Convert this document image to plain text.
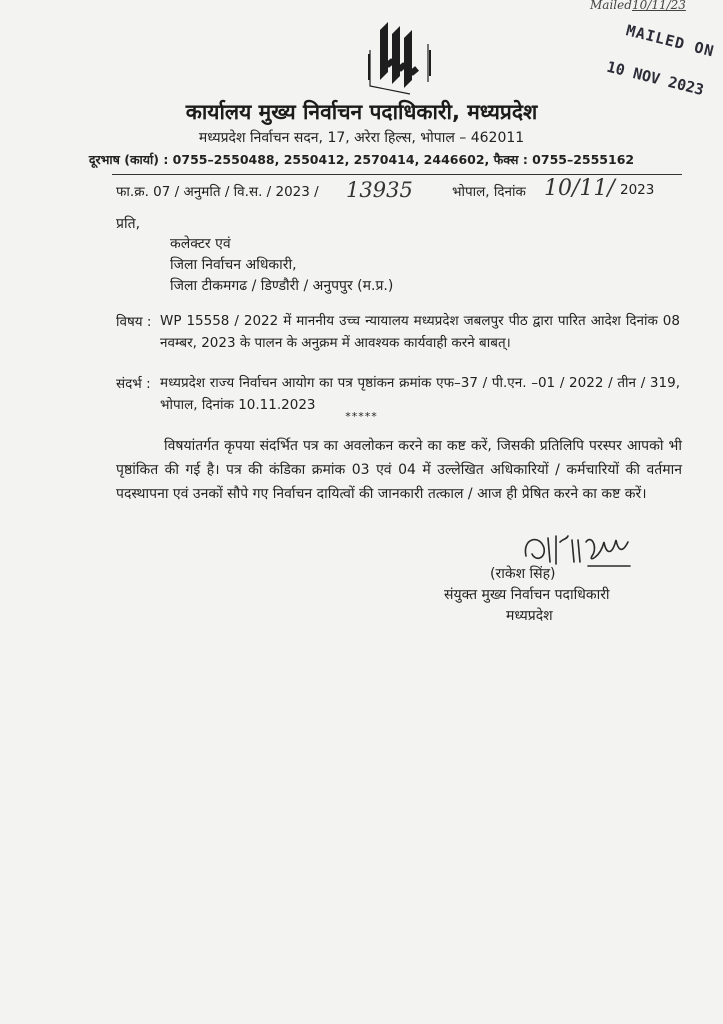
Mailed 10/11/23
MAILED ON
10 NOV 2023
कार्यालय मुख्य निर्वाचन पदाधिकारी, मध्यप्रदेश
मध्यप्रदेश निर्वाचन सदन, 17, अरेरा हिल्स, भोपाल – 462011
दूरभाष (कार्या) : 0755–2550488, 2550412, 2570414, 2446602, फैक्स : 0755–2555162
फा.क्र. 07 / अनुमति / वि.स. / 2023 / 13935	भोपाल, दिनांक 10/11/ 2023
प्रति,
कलेक्टर एवं
जिला निर्वाचन अधिकारी,
जिला टीकमगढ / डिण्डौरी / अनुपपुर (म.प्र.)
विषय : WP 15558 / 2022 में माननीय उच्च न्यायालय मध्यप्रदेश जबलपुर पीठ द्वारा पारित आदेश दिनांक 08 नवम्बर, 2023 के पालन के अनुक्रम में आवश्यक कार्यवाही करने बाबत्।
संदर्भ : मध्यप्रदेश राज्य निर्वाचन आयोग का पत्र पृष्ठांकन क्रमांक एफ–37 / पी.एन. –01 / 2022 / तीन / 319, भोपाल, दिनांक 10.11.2023
*****
विषयांतर्गत कृपया संदर्भित पत्र का अवलोकन करने का कष्ट करें, जिसकी प्रतिलिपि परस्पर आपको भी पृष्ठांकित की गई है। पत्र की कंडिका क्रमांक 03 एवं 04 में उल्लेखित अधिकारियों / कर्मचारियों की वर्तमान पदस्थापना एवं उनकों सौपे गए निर्वाचन दायित्वों की जानकारी तत्काल / आज ही प्रेषित करने का कष्ट करें।
(राकेश सिंह)
संयुक्त मुख्य निर्वाचन पदाधिकारी
मध्यप्रदेश
